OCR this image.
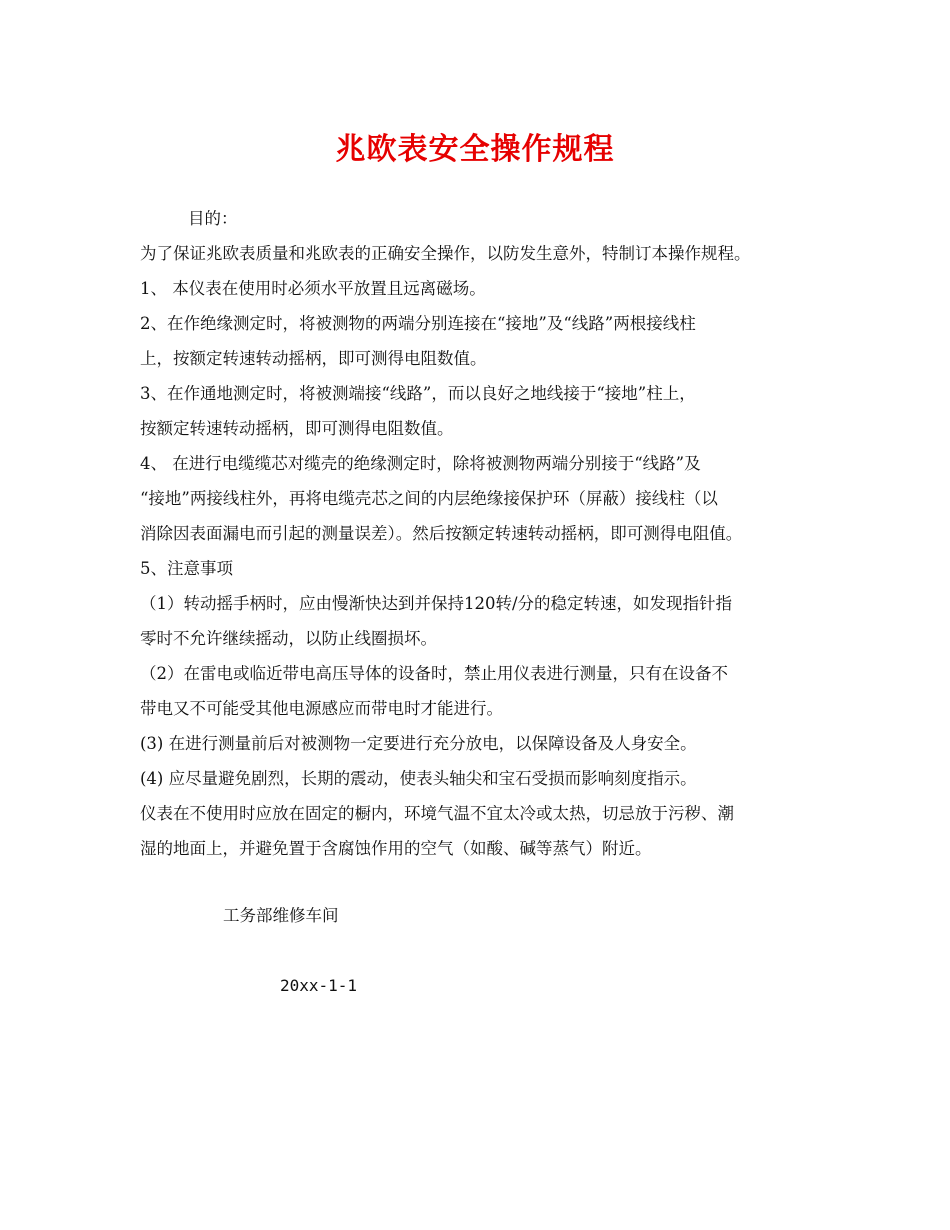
兆欧表安全操作规程

目的：

为了保证兆欧表质量和兆欧表的正确安全操作，以防发生意外，特制订本操作规程。

1、 本仪表在使用时必须水平放置且远离磁场。

2、在作绝缘测定时，将被测物的两端分别连接在“接地”及“线路”两根接线柱

上，按额定转速转动摇柄，即可测得电阻数值。

3、在作通地测定时，将被测端接“线路”，而以良好之地线接于“接地”柱上，

按额定转速转动摇柄，即可测得电阻数值。

4、 在进行电缆缆芯对缆壳的绝缘测定时，除将被测物两端分别接于“线路”及

“接地”两接线柱外，再将电缆壳芯之间的内层绝缘接保护环（屏蔽）接线柱（以

消除因表面漏电而引起的测量误差）。然后按额定转速转动摇柄，即可测得电阻值。

5、注意事项

（1）转动摇手柄时，应由慢渐快达到并保持120转/分的稳定转速，如发现指针指

零时不允许继续摇动，以防止线圈损坏。

（2）在雷电或临近带电高压导体的设备时，禁止用仪表进行测量，只有在设备不

带电又不可能受其他电源感应而带电时才能进行。

(3) 在进行测量前后对被测物一定要进行充分放电，以保障设备及人身安全。

(4) 应尽量避免剧烈，长期的震动，使表头轴尖和宝石受损而影响刻度指示。

仪表在不使用时应放在固定的橱内，环境气温不宜太冷或太热，切忌放于污秽、潮

湿的地面上，并避免置于含腐蚀作用的空气（如酸、碱等蒸气）附近。

工务部维修车间

20xx-1-1
